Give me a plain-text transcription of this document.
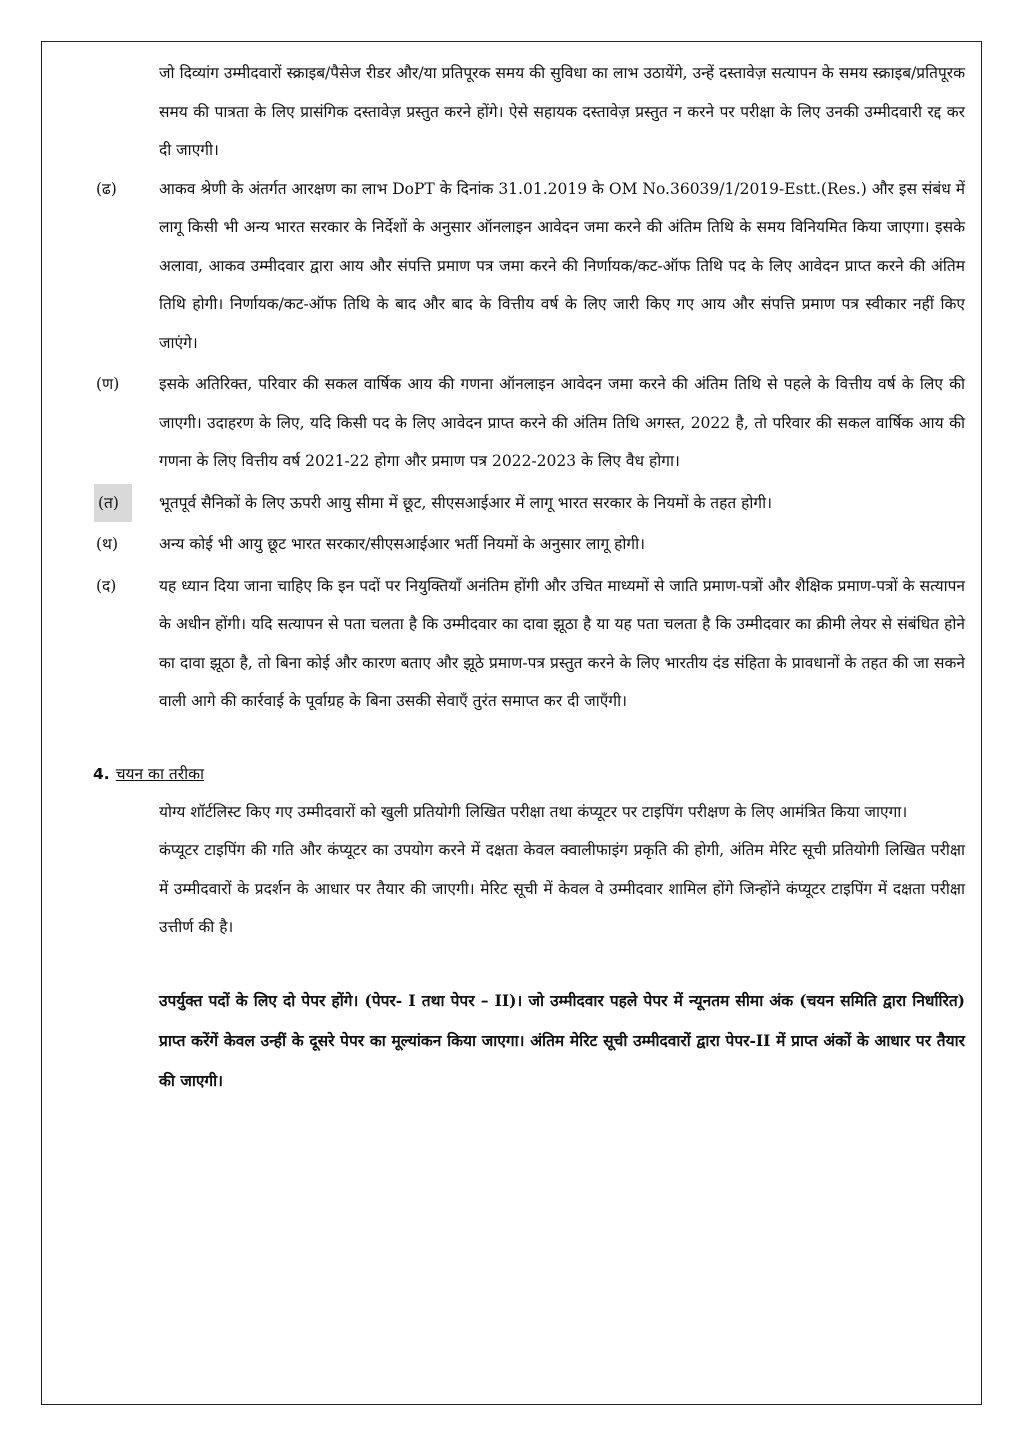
जो दिव्यांग उम्मीदवारों स्क्राइब/पैसेज रीडर और/या प्रतिपूरक समय की सुविधा का लाभ उठायेंगे, उन्हें दस्तावेज़ सत्यापन के समय स्क्राइब/प्रतिपूरक समय की पात्रता के लिए प्रासंगिक दस्तावेज़ प्रस्तुत करने होंगे। ऐसे सहायक दस्तावेज़ प्रस्तुत न करने पर परीक्षा के लिए उनकी उम्मीदवारी रद्द कर दी जाएगी।

(ढ)	आकव श्रेणी के अंतर्गत आरक्षण का लाभ DoPT के दिनांक 31.01.2019 के OM No.36039/1/2019-Estt.(Res.) और इस संबंध में लागू किसी भी अन्य भारत सरकार के निर्देशों के अनुसार ऑनलाइन आवेदन जमा करने की अंतिम तिथि के समय विनियमित किया जाएगा। इसके अलावा, आकव उम्मीदवार द्वारा आय और संपत्ति प्रमाण पत्र जमा करने की निर्णायक/कट-ऑफ तिथि पद के लिए आवेदन प्राप्त करने की अंतिम तिथि होगी। निर्णायक/कट-ऑफ तिथि के बाद और बाद के वित्तीय वर्ष के लिए जारी किए गए आय और संपत्ति प्रमाण पत्र स्वीकार नहीं किए जाएंगे।

(ण)	इसके अतिरिक्त, परिवार की सकल वार्षिक आय की गणना ऑनलाइन आवेदन जमा करने की अंतिम तिथि से पहले के वित्तीय वर्ष के लिए की जाएगी। उदाहरण के लिए, यदि किसी पद के लिए आवेदन प्राप्त करने की अंतिम तिथि अगस्त, 2022 है, तो परिवार की सकल वार्षिक आय की गणना के लिए वित्तीय वर्ष 2021-22 होगा और प्रमाण पत्र 2022-2023 के लिए वैध होगा।

(त)	भूतपूर्व सैनिकों के लिए ऊपरी आयु सीमा में छूट, सीएसआईआर में लागू भारत सरकार के नियमों के तहत होगी।

(थ)	अन्य कोई भी आयु छूट भारत सरकार/सीएसआईआर भर्ती नियमों के अनुसार लागू होगी।

(द)	यह ध्यान दिया जाना चाहिए कि इन पदों पर नियुक्तियाँ अनंतिम होंगी और उचित माध्यमों से जाति प्रमाण-पत्रों और शैक्षिक प्रमाण-पत्रों के सत्यापन के अधीन होंगी। यदि सत्यापन से पता चलता है कि उम्मीदवार का दावा झूठा है या यह पता चलता है कि उम्मीदवार का क्रीमी लेयर से संबंधित होने का दावा झूठा है, तो बिना कोई और कारण बताए और झूठे प्रमाण-पत्र प्रस्तुत करने के लिए भारतीय दंड संहिता के प्रावधानों के तहत की जा सकने वाली आगे की कार्रवाई के पूर्वाग्रह के बिना उसकी सेवाएँ तुरंत समाप्त कर दी जाएँगी।

4. चयन का तरीका

योग्य शॉर्टलिस्ट किए गए उम्मीदवारों को खुली प्रतियोगी लिखित परीक्षा तथा कंप्यूटर पर टाइपिंग परीक्षण के लिए आमंत्रित किया जाएगा।

कंप्यूटर टाइपिंग की गति और कंप्यूटर का उपयोग करने में दक्षता केवल क्वालीफाइंग प्रकृति की होगी, अंतिम मेरिट सूची प्रतियोगी लिखित परीक्षा में उम्मीदवारों के प्रदर्शन के आधार पर तैयार की जाएगी। मेरिट सूची में केवल वे उम्मीदवार शामिल होंगे जिन्होंने कंप्यूटर टाइपिंग में दक्षता परीक्षा उत्तीर्ण की है।

उपर्युक्त पदों के लिए दो पेपर होंगे। (पेपर- I तथा पेपर – II)। जो उम्मीदवार पहले पेपर में न्यूनतम सीमा अंक (चयन समिति द्वारा निर्धारित) प्राप्त करेंगें केवल उन्हीं के दूसरे पेपर का मूल्यांकन किया जाएगा। अंतिम मेरिट सूची उम्मीदवारों द्वारा पेपर-II में प्राप्त अंकों के आधार पर तैयार की जाएगी।
